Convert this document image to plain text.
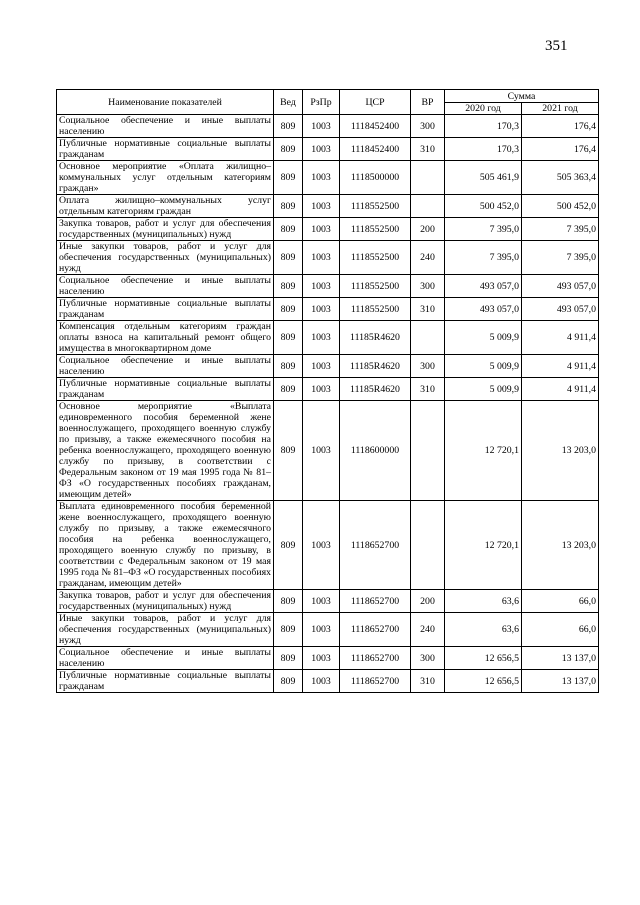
351
Наименование показателей	Вед	РзПр	ЦСР	ВР	Сумма	
					2020 год	2021 год
Социальное обеспечение и иные выплаты населению	809	1003	1118452400	300	170,3	176,4
Публичные нормативные социальные выплаты гражданам	809	1003	1118452400	310	170,3	176,4
Основное мероприятие «Оплата жилищно–коммунальных услуг отдельным категориям граждан»	809	1003	1118500000		505 461,9	505 363,4
Оплата жилищно–коммунальных услуг отдельным категориям граждан	809	1003	1118552500		500 452,0	500 452,0
Закупка товаров, работ и услуг для обеспечения государственных (муниципальных) нужд	809	1003	1118552500	200	7 395,0	7 395,0
Иные закупки товаров, работ и услуг для обеспечения государственных (муниципальных) нужд	809	1003	1118552500	240	7 395,0	7 395,0
Социальное обеспечение и иные выплаты населению	809	1003	1118552500	300	493 057,0	493 057,0
Публичные нормативные социальные выплаты гражданам	809	1003	1118552500	310	493 057,0	493 057,0
Компенсация отдельным категориям граждан оплаты взноса на капитальный ремонт общего имущества в многоквартирном доме	809	1003	11185R4620		5 009,9	4 911,4
Социальное обеспечение и иные выплаты населению	809	1003	11185R4620	300	5 009,9	4 911,4
Публичные нормативные социальные выплаты гражданам	809	1003	11185R4620	310	5 009,9	4 911,4
Основное мероприятие «Выплата единовременного пособия беременной жене военнослужащего, проходящего военную службу по призыву, а также ежемесячного пособия на ребенка военнослужащего, проходящего военную службу по призыву, в соответствии с Федеральным законом от 19 мая 1995 года № 81–ФЗ «О государственных пособиях гражданам, имеющим детей»	809	1003	1118600000		12 720,1	13 203,0
Выплата единовременного пособия беременной жене военнослужащего, проходящего военную службу по призыву, а также ежемесячного пособия на ребенка военнослужащего, проходящего военную службу по призыву, в соответствии с Федеральным законом от 19 мая 1995 года № 81–ФЗ «О государственных пособиях гражданам, имеющим детей»	809	1003	1118652700		12 720,1	13 203,0
Закупка товаров, работ и услуг для обеспечения государственных (муниципальных) нужд	809	1003	1118652700	200	63,6	66,0
Иные закупки товаров, работ и услуг для обеспечения государственных (муниципальных) нужд	809	1003	1118652700	240	63,6	66,0
Социальное обеспечение и иные выплаты населению	809	1003	1118652700	300	12 656,5	13 137,0
Публичные нормативные социальные выплаты гражданам	809	1003	1118652700	310	12 656,5	13 137,0
